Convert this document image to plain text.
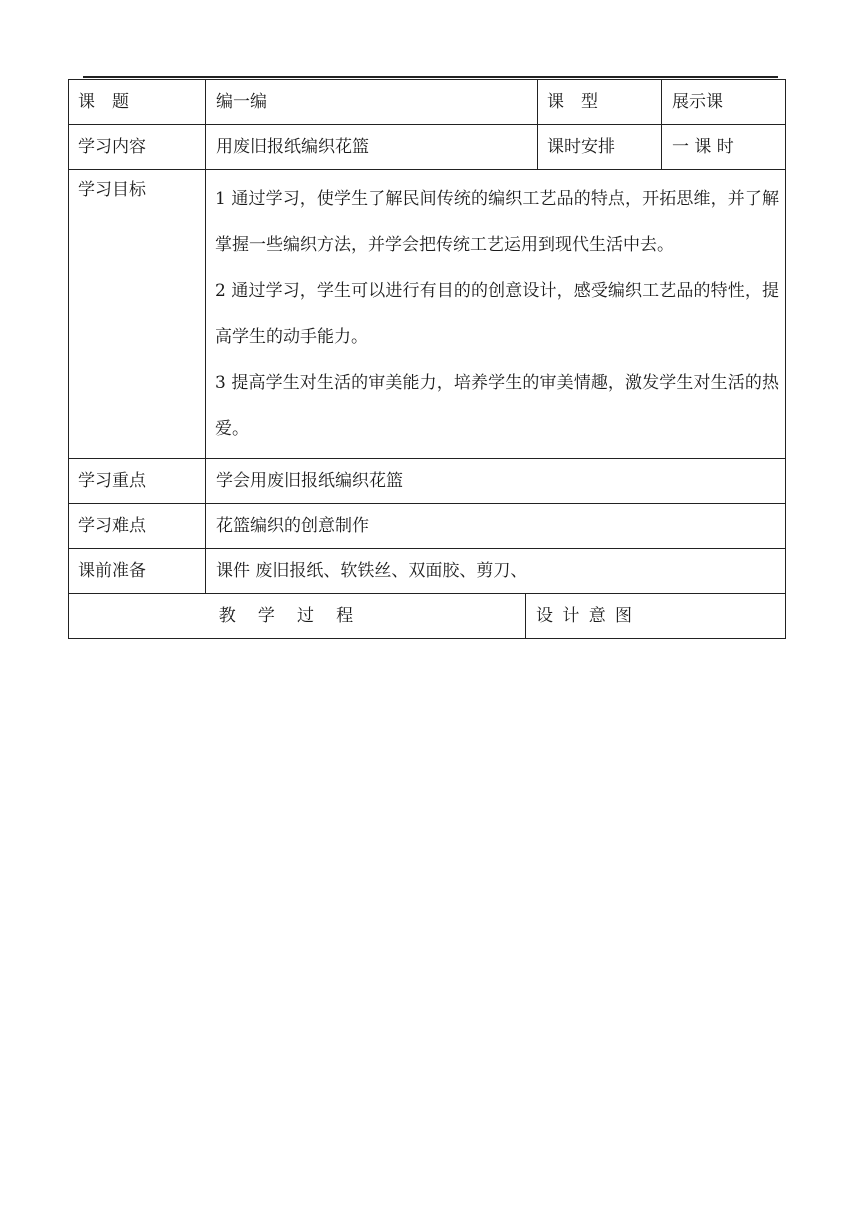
课　题	编一编		课　型	展示课
学习内容	用废旧报纸编织花篮		课时安排	一 课 时
学习目标	1 通过学习，使学生了解民间传统的编织工艺品的特点，开拓思维，并了解掌握一些编织方法，并学会把传统工艺运用到现代生活中去。

2 通过学习，学生可以进行有目的的创意设计，感受编织工艺品的特性，提高学生的动手能力。

3 提高学生对生活的审美能力，培养学生的审美情趣，激发学生对生活的热爱。			

学习重点	学会用废旧报纸编织花篮			
学习难点	花篮编织的创意制作			
课前准备	课件 废旧报纸、软铁丝、双面胶、剪刀、			
教学过程		设计意图		
